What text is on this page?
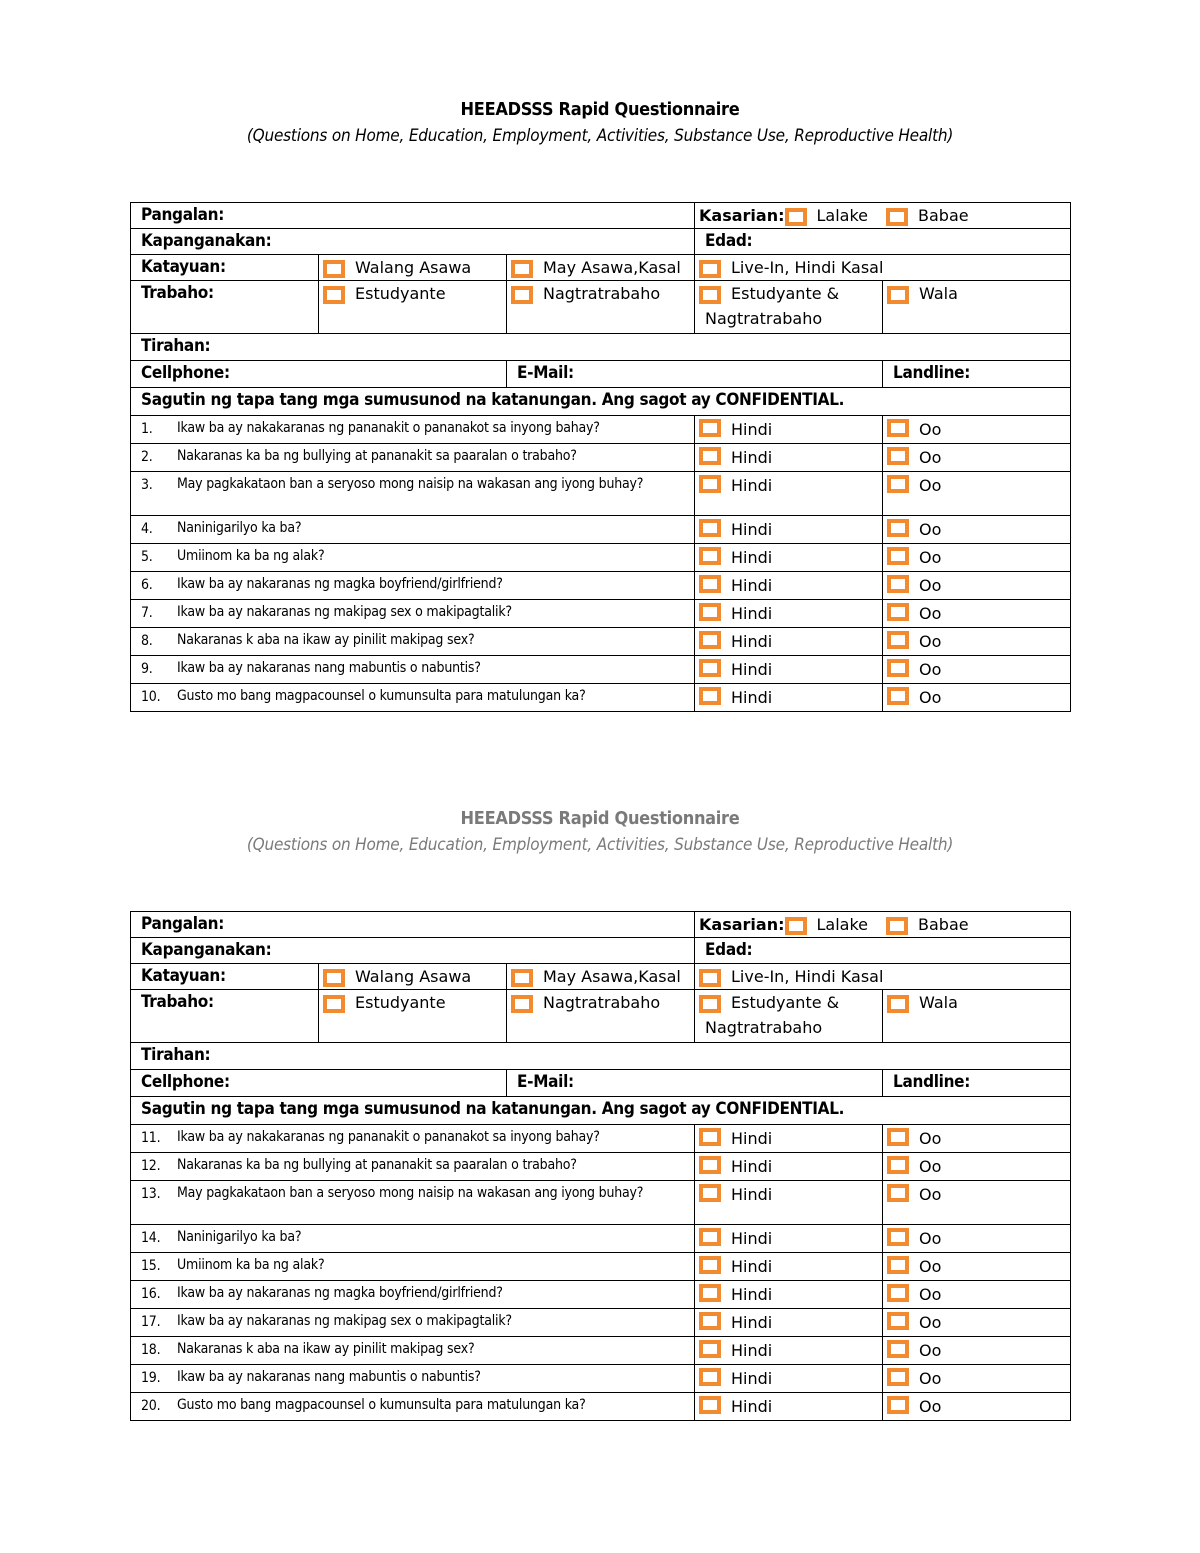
HEEADSSS Rapid Questionnaire
(Questions on Home, Education, Employment, Activities, Substance Use, Reproductive Health)
Pangalan:			Kasarian: Lalake Babae	
Kapanganakan:			Edad:	
Katayuan:	Walang Asawa	May Asawa,Kasal	Live-In, Hindi Kasal	
Trabaho:	Estudyante	Nagtratrabaho	Estudyante &
Nagtratrabaho	Wala
Tirahan:				
Cellphone:		E-Mail:		Landline:
Sagutin ng tapa tang mga sumusunod na katanungan. Ang sagot ay CONFIDENTIAL.				

1. Ikaw ba ay nakakaranas ng pananakit o pananakot sa inyong bahay?			Hindi	Oo

2. Nakaranas ka ba ng bullying at pananakit sa paaralan o trabaho?			Hindi	Oo

3. May pagkakataon ban a seryoso mong naisip na wakasan ang iyong buhay?			Hindi	Oo

4. Naninigarilyo ka ba?			Hindi	Oo

5. Umiinom ka ba ng alak?			Hindi	Oo

6. Ikaw ba ay nakaranas ng magka boyfriend/girlfriend?			Hindi	Oo

7. Ikaw ba ay nakaranas ng makipag sex o makipagtalik?			Hindi	Oo

8. Nakaranas k aba na ikaw ay pinilit makipag sex?			Hindi	Oo

9. Ikaw ba ay nakaranas nang mabuntis o nabuntis?			Hindi	Oo

10. Gusto mo bang magpacounsel o kumunsulta para matulungan ka?			Hindi	Oo
HEEADSSS Rapid Questionnaire
(Questions on Home, Education, Employment, Activities, Substance Use, Reproductive Health)
Pangalan:			Kasarian: Lalake Babae	
Kapanganakan:			Edad:	
Katayuan:	Walang Asawa	May Asawa,Kasal	Live-In, Hindi Kasal	
Trabaho:	Estudyante	Nagtratrabaho	Estudyante &
Nagtratrabaho	Wala
Tirahan:				
Cellphone:		E-Mail:		Landline:
Sagutin ng tapa tang mga sumusunod na katanungan. Ang sagot ay CONFIDENTIAL.				

11. Ikaw ba ay nakakaranas ng pananakit o pananakot sa inyong bahay?			Hindi	Oo

12. Nakaranas ka ba ng bullying at pananakit sa paaralan o trabaho?			Hindi	Oo

13. May pagkakataon ban a seryoso mong naisip na wakasan ang iyong buhay?			Hindi	Oo

14. Naninigarilyo ka ba?			Hindi	Oo

15. Umiinom ka ba ng alak?			Hindi	Oo

16. Ikaw ba ay nakaranas ng magka boyfriend/girlfriend?			Hindi	Oo

17. Ikaw ba ay nakaranas ng makipag sex o makipagtalik?			Hindi	Oo

18. Nakaranas k aba na ikaw ay pinilit makipag sex?			Hindi	Oo

19. Ikaw ba ay nakaranas nang mabuntis o nabuntis?			Hindi	Oo

20. Gusto mo bang magpacounsel o kumunsulta para matulungan ka?			Hindi	Oo
